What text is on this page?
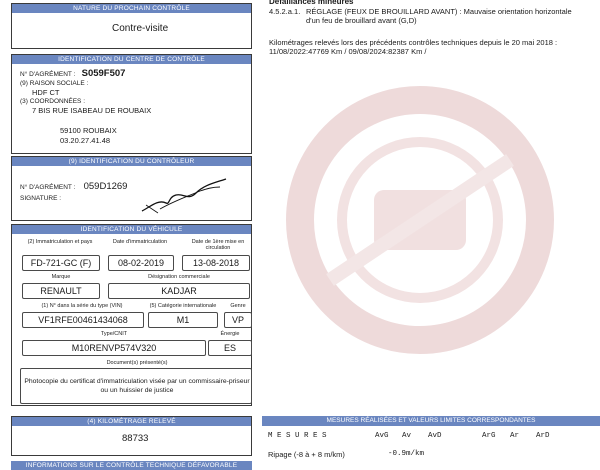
NATURE DU PROCHAIN CONTRÔLE
Contre-visite
IDENTIFICATION DU CENTRE DE CONTRÔLE
N° D'AGRÉMENT : S059F507
(9) RAISON SOCIALE :
HDF CT
(3) COORDONNÉES :
7 BIS RUE ISABEAU DE ROUBAIX
59100 ROUBAIX
03.20.27.41.48
(9) IDENTIFICATION DU CONTRÔLEUR
N° D'AGRÉMENT : 059D1269
SIGNATURE :
IDENTIFICATION DU VÉHICULE
(2) Immatriculation et pays	Date d'immatriculation	Date de 1ère mise en circulation
FD-721-GC (F)	08-02-2019	13-08-2018
Marque	Désignation commerciale
RENAULT	KADJAR
(1) N° dans la série du type (VIN)	(5) Catégorie internationale	Genre
VF1RFE00461434068	M1	VP
Type/CNIT	Énergie
M10RENVP574V320	ES
Document(s) présenté(s)
Photocopie du certificat d'immatriculation visée par un commissaire-priseur ou un huissier de justice
(4) KILOMÉTRAGE RELEVÉ
88733
INFORMATIONS SUR LE CONTRÔLE TECHNIQUE DÉFAVORABLE
Défaillances mineures
4.5.2.a.1. RÉGLAGE (FEUX DE BROUILLARD AVANT) : Mauvaise orientation horizontale
d'un feu de brouillard avant (G,D)
Kilométrages relevés lors des précédents contrôles techniques depuis le 20 mai 2018 :
11/08/2022:47769 Km / 09/08/2024:82387 Km /
MESURES RÉALISÉES ET VALEURS LIMITES CORRESPONDANTES
M E S U R E S	AvG Av AvD	ArG Ar ArD
Ripage (-8 à + 8 m/km)	-0.9m/km
